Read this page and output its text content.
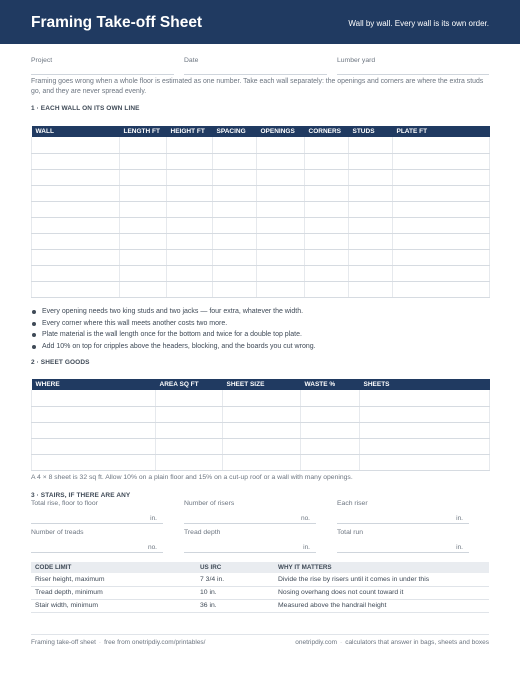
Framing Take-off Sheet	Wall by wall. Every wall is its own order.
Project	Date	Lumber yard
Framing goes wrong when a whole floor is estimated as one number. Take each wall separately: the openings and corners are where the extra studs go, and they are never spread evenly.
1 · EACH WALL ON ITS OWN LINE
WALL	LENGTH FT	HEIGHT FT	SPACING	OPENINGS	CORNERS	STUDS	PLATE FT

Every opening needs two king studs and two jacks — four extra, whatever the width.
Every corner where this wall meets another costs two more.
Plate material is the wall length once for the bottom and twice for a double top plate.
Add 10% on top for cripples above the headers, blocking, and the boards you cut wrong.
2 · SHEET GOODS
WHERE	AREA SQ FT	SHEET SIZE	WASTE %	SHEETS

A 4 × 8 sheet is 32 sq ft. Allow 10% on a plain floor and 15% on a cut-up roof or a wall with many openings.
3 · STAIRS, IF THERE ARE ANY
Total rise, floor to floor
in.
Number of risers
no.
Each riser
in.
Number of treads
no.
Tread depth
in.
Total run
in.
CODE LIMIT	US IRC	WHY IT MATTERS
Riser height, maximum	7 3/4 in.	Divide the rise by risers until it comes in under this
Tread depth, minimum	10 in.	Nosing overhang does not count toward it
Stair width, minimum	36 in.	Measured above the handrail height
Framing take-off sheet · free from onetripdiy.com/printables/	onetripdiy.com · calculators that answer in bags, sheets and boxes
